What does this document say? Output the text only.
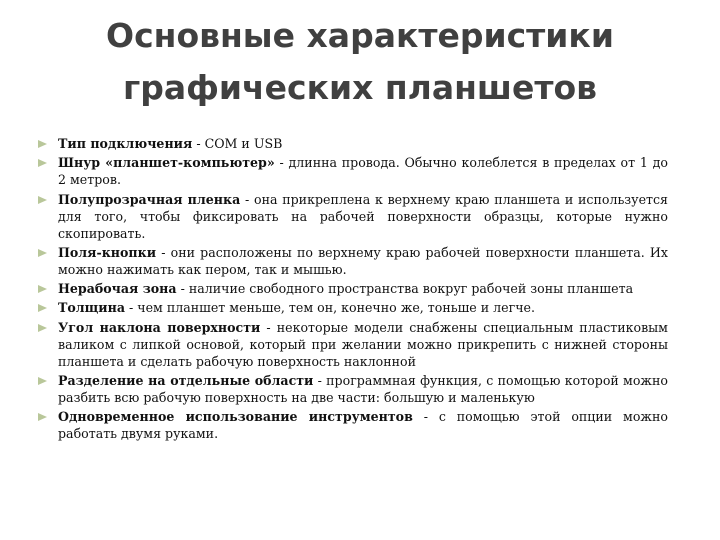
Основные характеристики
графических планшетов
Тип подключения - COM и USB
Шнур «планшет-компьютер» - длинна провода. Обычно колеблется в пределах от 1 до 2 метров.
Полупрозрачная пленка - она прикреплена к верхнему краю планшета и используется для того, чтобы фиксировать на рабочей поверхности образцы, которые нужно скопировать.
Поля-кнопки - они расположены по верхнему краю рабочей поверхности планшета. Их можно нажимать как пером, так и мышью.
Нерабочая зона - наличие свободного пространства вокруг рабочей зоны планшета
Толщина - чем планшет меньше, тем он, конечно же, тоньше и легче.
Угол наклона поверхности - некоторые модели снабжены специальным пластиковым валиком с липкой основой, который при желании можно прикрепить с нижней стороны планшета и сделать рабочую поверхность наклонной
Разделение на отдельные области - программная функция, с помощью которой можно разбить всю рабочую поверхность на две части: большую и маленькую
Одновременное использование инструментов - с помощью этой опции можно работать двумя руками.
